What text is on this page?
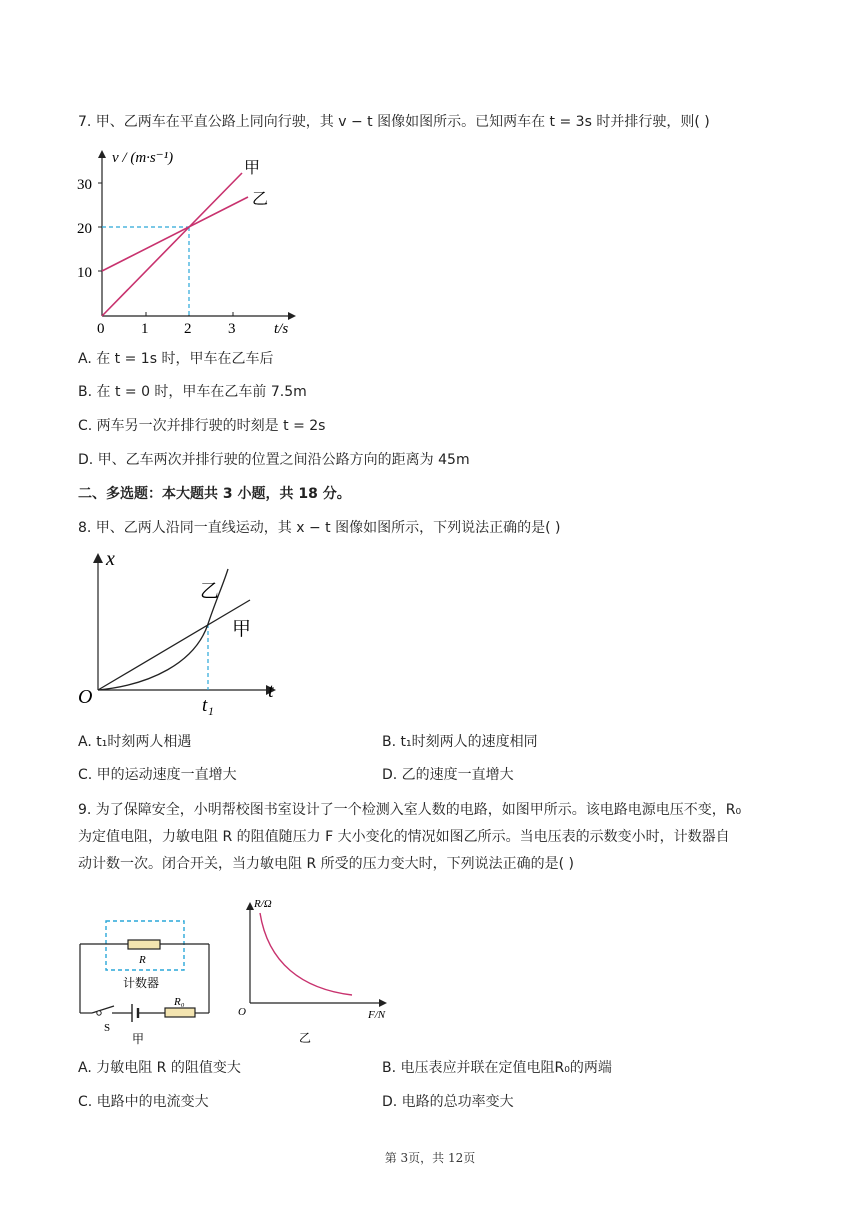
7. 甲、乙两车在平直公路上同向行驶，其 v − t 图像如图所示。已知两车在 t = 3s 时并排行驶，则( )
v / (m·s⁻¹)
t/s
0
10
20
30
1 2 3
甲
乙
A. 在 t = 1s 时，甲车在乙车后
B. 在 t = 0 时，甲车在乙车前 7.5m
C. 两车另一次并排行驶的时刻是 t = 2s
D. 甲、乙车两次并排行驶的位置之间沿公路方向的距离为 45m
二、多选题：本大题共 3 小题，共 18 分。
8. 甲、乙两人沿同一直线运动，其 x − t 图像如图所示，下列说法正确的是( )
x
t
O	t₁
乙
甲
A. t₁时刻两人相遇	B. t₁时刻两人的速度相同
C. 甲的运动速度一直增大	D. 乙的速度一直增大
9. 为了保障安全，小明帮校图书室设计了一个检测入室人数的电路，如图甲所示。该电路电源电压不变，R₀
为定值电阻，力敏电阻 R 的阻值随压力 F 大小变化的情况如图乙所示。当电压表的示数变小时，计数器自
动计数一次。闭合开关，当力敏电阻 R 所受的压力变大时，下列说法正确的是( )
R
计数器
R₀
S
甲
R/Ω
F/N
O
乙
A. 力敏电阻 R 的阻值变大	B. 电压表应并联在定值电阻R₀的两端
C. 电路中的电流变大	D. 电路的总功率变大
第 3页，共 12页
